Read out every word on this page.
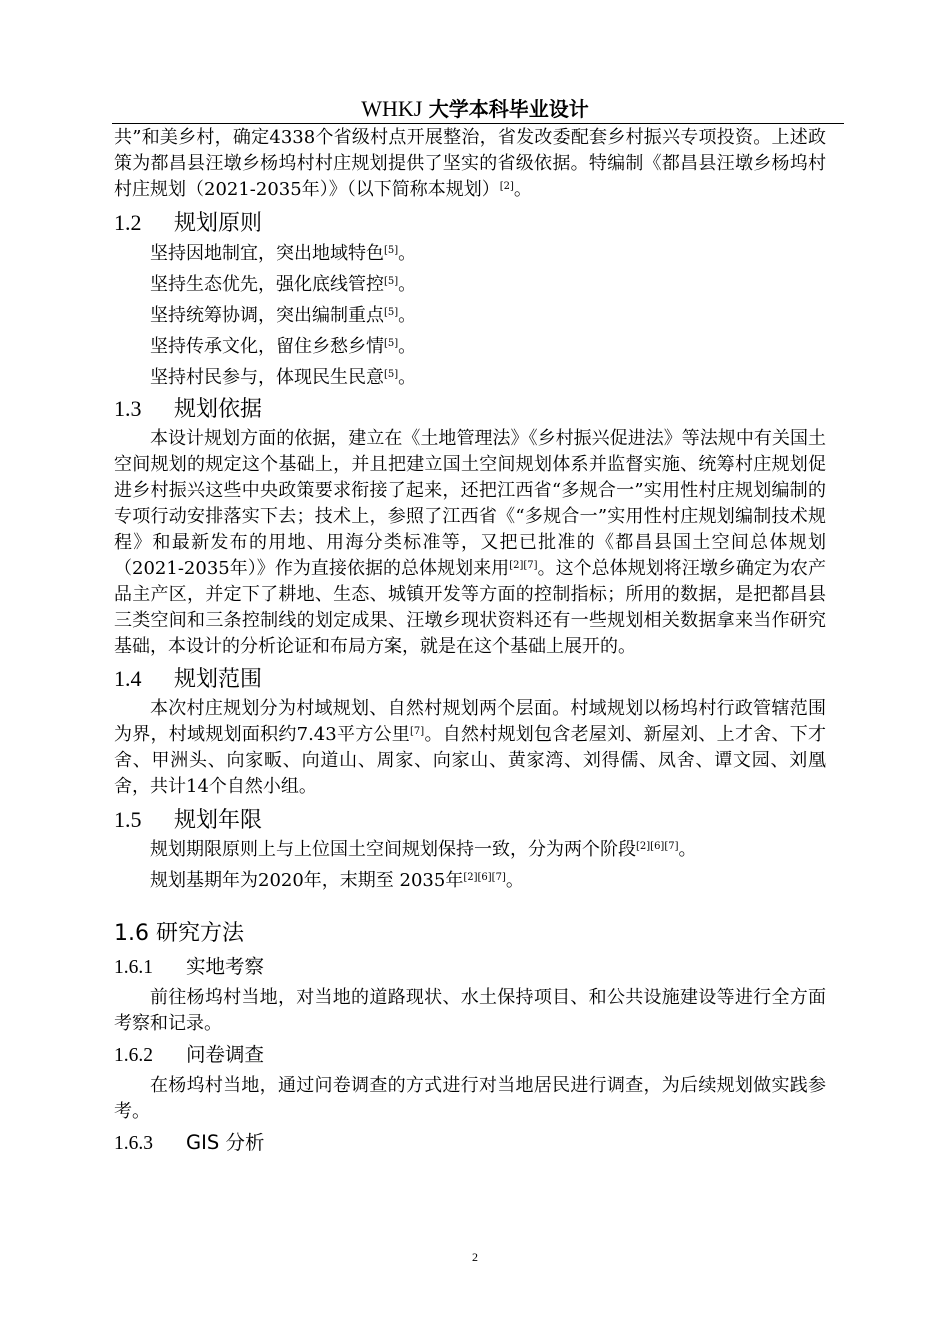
WHKJ 大学本科毕业设计

共”和美乡村，确定4338个省级村点开展整治，省发改委配套乡村振兴专项投资。上述政策为都昌县汪墩乡杨坞村村庄规划提供了坚实的省级依据。特编制《都昌县汪墩乡杨坞村村庄规划（2021-2035年）》（以下简称本规划）[2]。

1.2 规划原则

坚持因地制宜，突出地域特色[5]。

坚持生态优先，强化底线管控[5]。

坚持统筹协调，突出编制重点[5]。

坚持传承文化，留住乡愁乡情[5]。

坚持村民参与，体现民生民意[5]。

1.3 规划依据

本设计规划方面的依据，建立在《土地管理法》《乡村振兴促进法》等法规中有关国土空间规划的规定这个基础上，并且把建立国土空间规划体系并监督实施、统筹村庄规划促进乡村振兴这些中央政策要求衔接了起来，还把江西省“多规合一”实用性村庄规划编制的专项行动安排落实下去；技术上，参照了江西省《“多规合一”实用性村庄规划编制技术规程》和最新发布的用地、用海分类标准等，又把已批准的《都昌县国土空间总体规划（2021-2035年）》作为直接依据的总体规划来用[2][7]。这个总体规划将汪墩乡确定为农产品主产区，并定下了耕地、生态、城镇开发等方面的控制指标；所用的数据，是把都昌县三类空间和三条控制线的划定成果、汪墩乡现状资料还有一些规划相关数据拿来当作研究基础，本设计的分析论证和布局方案，就是在这个基础上展开的。

1.4 规划范围

本次村庄规划分为村域规划、自然村规划两个层面。村域规划以杨坞村行政管辖范围为界，村域规划面积约7.43平方公里[7]。自然村规划包含老屋刘、新屋刘、上才舍、下才舍、甲洲头、向家畈、向道山、周家、向家山、黄家湾、刘得儒、凤舍、谭文园、刘凰舍，共计14个自然小组。

1.5 规划年限

规划期限原则上与上位国土空间规划保持一致，分为两个阶段[2][6][7]。

规划基期年为2020年，末期至 2035年[2][6][7]。

1.6 研究方法
1.6.1 实地考察

前往杨坞村当地，对当地的道路现状、水土保持项目、和公共设施建设等进行全方面考察和记录。

1.6.2 问卷调查

在杨坞村当地，通过问卷调查的方式进行对当地居民进行调查，为后续规划做实践参考。

1.6.3 GIS 分析
2
